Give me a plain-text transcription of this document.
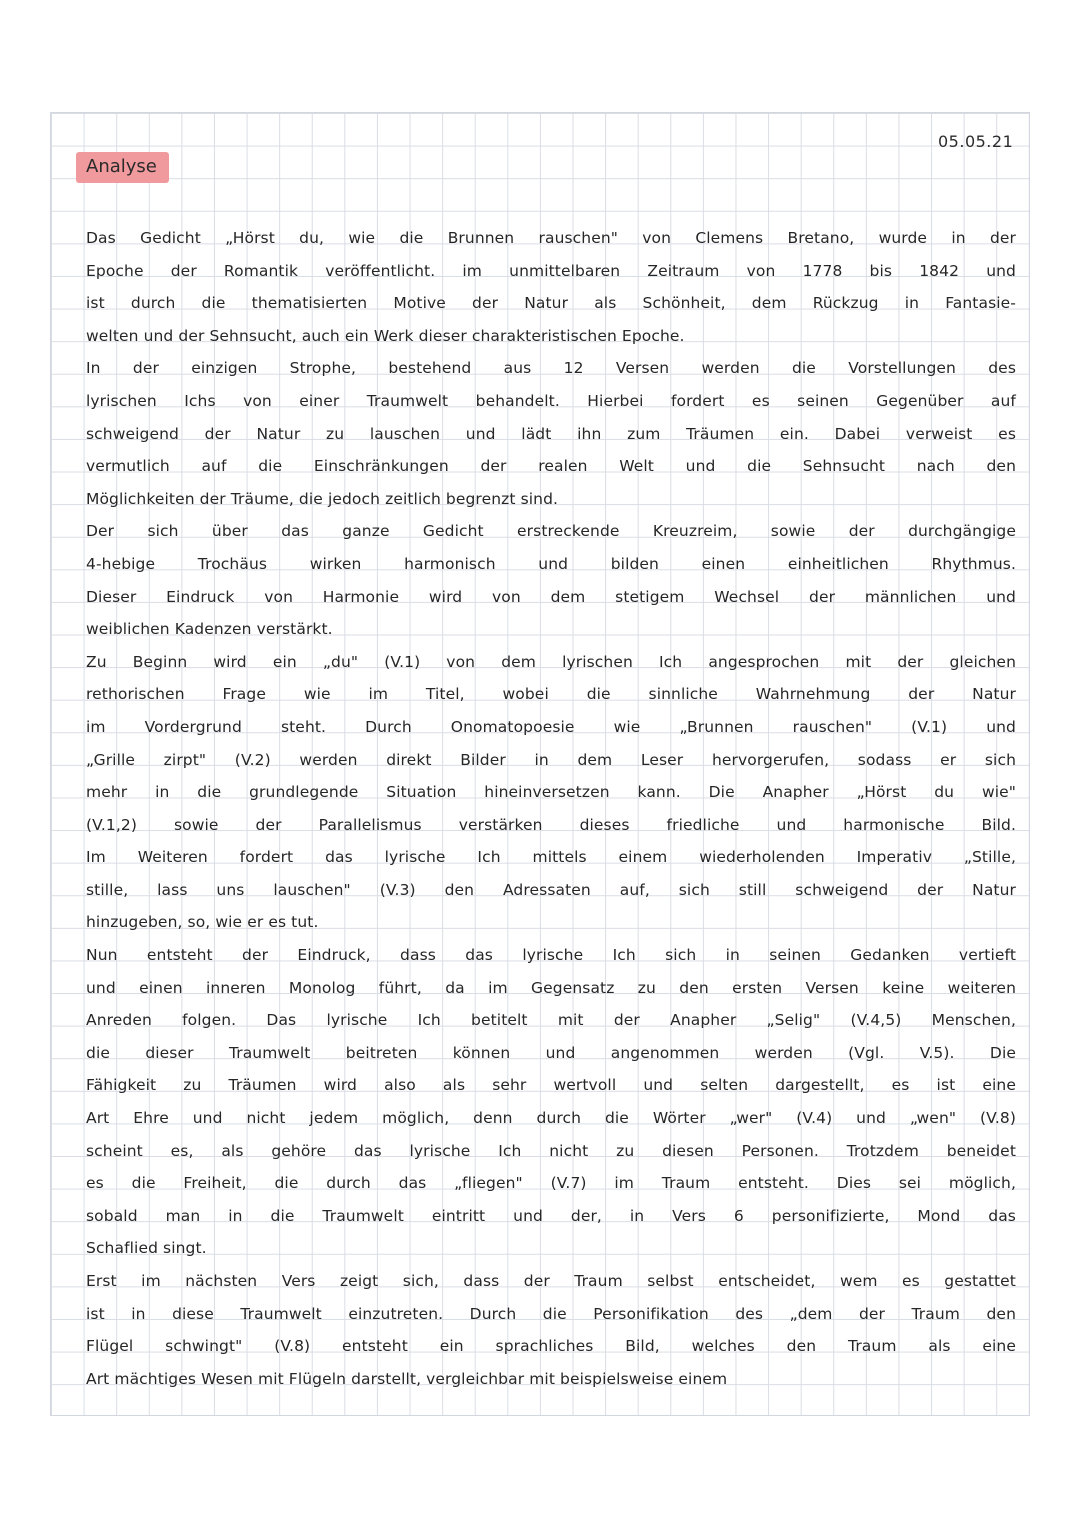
05.05.21
Analyse
Das Gedicht „Hörst du, wie die Brunnen rauschen" von Clemens Bretano, wurde in der
Epoche der Romantik veröffentlicht. im unmittelbaren Zeitraum von 1778 bis 1842 und
ist durch die thematisierten Motive der Natur als Schönheit, dem Rückzug in Fantasie-
welten und der Sehnsucht, auch ein Werk dieser charakteristischen Epoche.
In der einzigen Strophe, bestehend aus 12 Versen werden die Vorstellungen des
lyrischen Ichs von einer Traumwelt behandelt. Hierbei fordert es seinen Gegenüber auf
schweigend der Natur zu lauschen und lädt ihn zum Träumen ein. Dabei verweist es
vermutlich auf die Einschränkungen der realen Welt und die Sehnsucht nach den
Möglichkeiten der Träume, die jedoch zeitlich begrenzt sind.
Der sich über das ganze Gedicht erstreckende Kreuzreim, sowie der durchgängige
4-hebige Trochäus wirken harmonisch und bilden einen einheitlichen Rhythmus.
Dieser Eindruck von Harmonie wird von dem stetigem Wechsel der männlichen und
weiblichen Kadenzen verstärkt.
Zu Beginn wird ein „du" (V.1) von dem lyrischen Ich angesprochen mit der gleichen
rethorischen Frage wie im Titel, wobei die sinnliche Wahrnehmung der Natur
im Vordergrund steht. Durch Onomatopoesie wie „Brunnen rauschen" (V.1) und
„Grille zirpt" (V.2) werden direkt Bilder in dem Leser hervorgerufen, sodass er sich
mehr in die grundlegende Situation hineinversetzen kann. Die Anapher „Hörst du wie"
(V.1,2) sowie der Parallelismus verstärken dieses friedliche und harmonische Bild.
Im Weiteren fordert das lyrische Ich mittels einem wiederholenden Imperativ „Stille,
stille, lass uns lauschen" (V.3) den Adressaten auf, sich still schweigend der Natur
hinzugeben, so, wie er es tut.
Nun entsteht der Eindruck, dass das lyrische Ich sich in seinen Gedanken vertieft
und einen inneren Monolog führt, da im Gegensatz zu den ersten Versen keine weiteren
Anreden folgen. Das lyrische Ich betitelt mit der Anapher „Selig" (V.4,5) Menschen,
die dieser Traumwelt beitreten können und angenommen werden (Vgl. V.5). Die
Fähigkeit zu Träumen wird also als sehr wertvoll und selten dargestellt, es ist eine
Art Ehre und nicht jedem möglich, denn durch die Wörter „wer" (V.4) und „wen" (V.8)
scheint es, als gehöre das lyrische Ich nicht zu diesen Personen. Trotzdem beneidet
es die Freiheit, die durch das „fliegen" (V.7) im Traum entsteht. Dies sei möglich,
sobald man in die Traumwelt eintritt und der, in Vers 6 personifizierte, Mond das
Schaflied singt.
Erst im nächsten Vers zeigt sich, dass der Traum selbst entscheidet, wem es gestattet
ist in diese Traumwelt einzutreten. Durch die Personifikation des „dem der Traum den
Flügel schwingt" (V.8) entsteht ein sprachliches Bild, welches den Traum als eine
Art mächtiges Wesen mit Flügeln darstellt, vergleichbar mit beispielsweise einem
